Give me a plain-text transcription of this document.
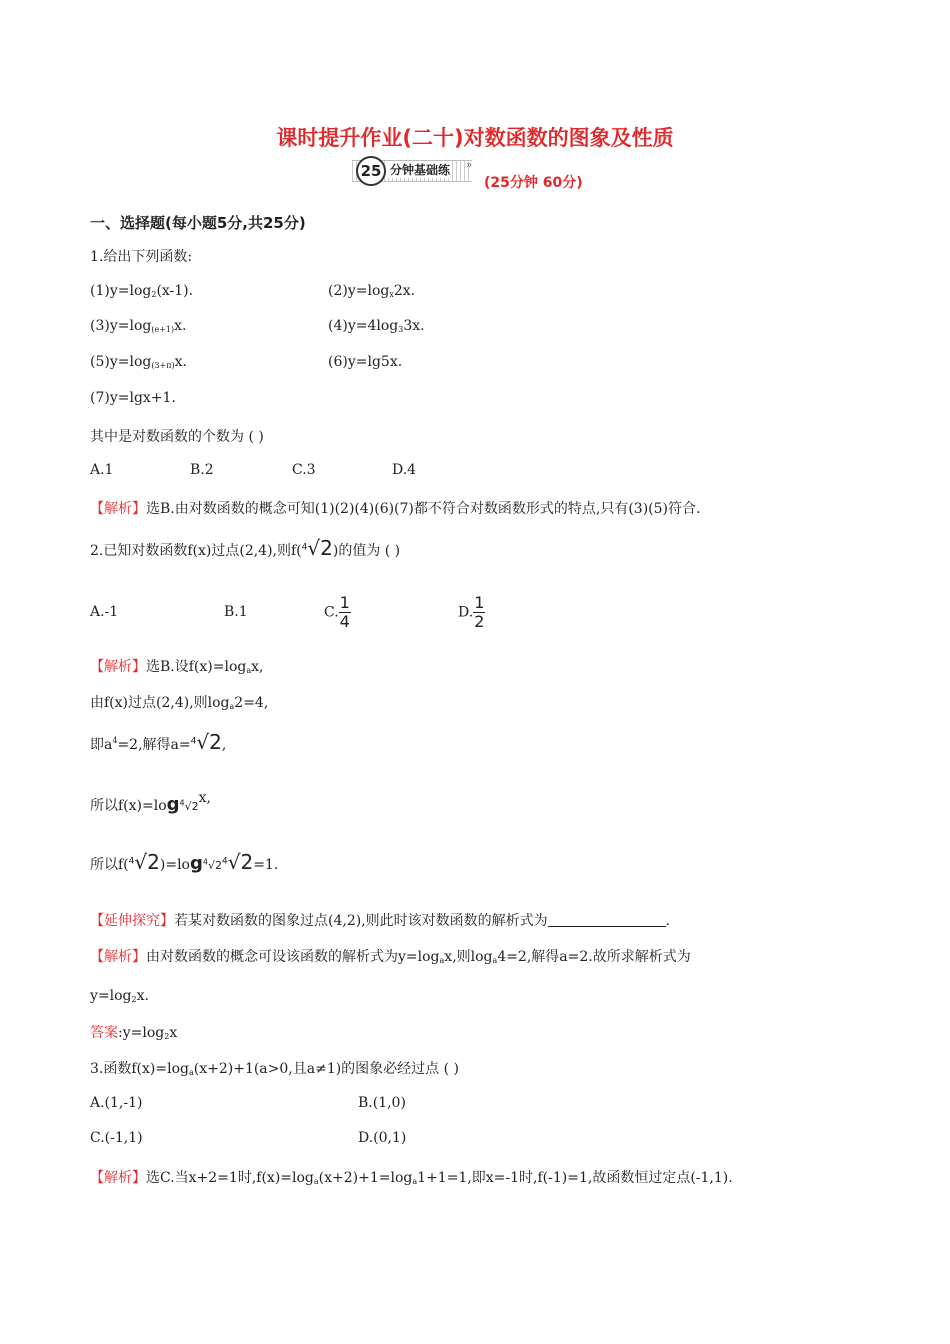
课时提升作业(二十)对数函数的图象及性质
25 分钟基础练 »
(25分钟 60分)
一、选择题(每小题5分,共25分)
1.给出下列函数:
$(1)y=\log_2(x-1)$.	$(2)y=\log_x2x$.
$(3)y=\log_{(e+1)}x$.	$(4)y=4\log_33x$.
$(5)y=\log_{(3+\pi)}x$.	(6)y=lg5x.
(7)y=lgx+1.
其中是对数函数的个数为 ( )
A.1	B.2	C.3	D.4
【解析】选B.由对数函数的概念可知(1)(2)(4)(6)(7)都不符合对数函数形式的特点,只有(3)(5)符合.
2.已知对数函数f(x)过点(2,4),则f($^4$√2)的值为 ( )
A.-1	B.1	C. $\frac{1}{4}$	D. $\frac{1}{2}$
【解析】选B.设$f(x)=\log_ax$,
由f(x)过点(2,4),则$\log_a2=4$,
即$a^4=2$,解得a=$^4$√2,
所以$f(x)=\log^4√2x$,
所以$f(^4√2)=\log^4√2^4√2=1$.
【延伸探究】若某对数函数的图象过点(4,2),则此时该对数函数的解析式为	.
【解析】由对数函数的概念可设该函数的解析式为$y=\log_ax$,则$\log_a4=2$,解得a=2.故所求解析式为
$y=\log_2x$.
答案$:y=\log_2x$
3.函数$f(x)=\log_a(x+2)+1(a>0$,且a≠1)的图象必经过点 ( )
A.(1,-1)	B.(1,0)
C.(-1,1)	D.(0,1)
【解析】选C.当x+2=1时$,f(x)=\log_a(x+2)+1=\log_a1+1=1$,即x=-1时,f(-1)=1,故函数恒过定点(-1,1).
